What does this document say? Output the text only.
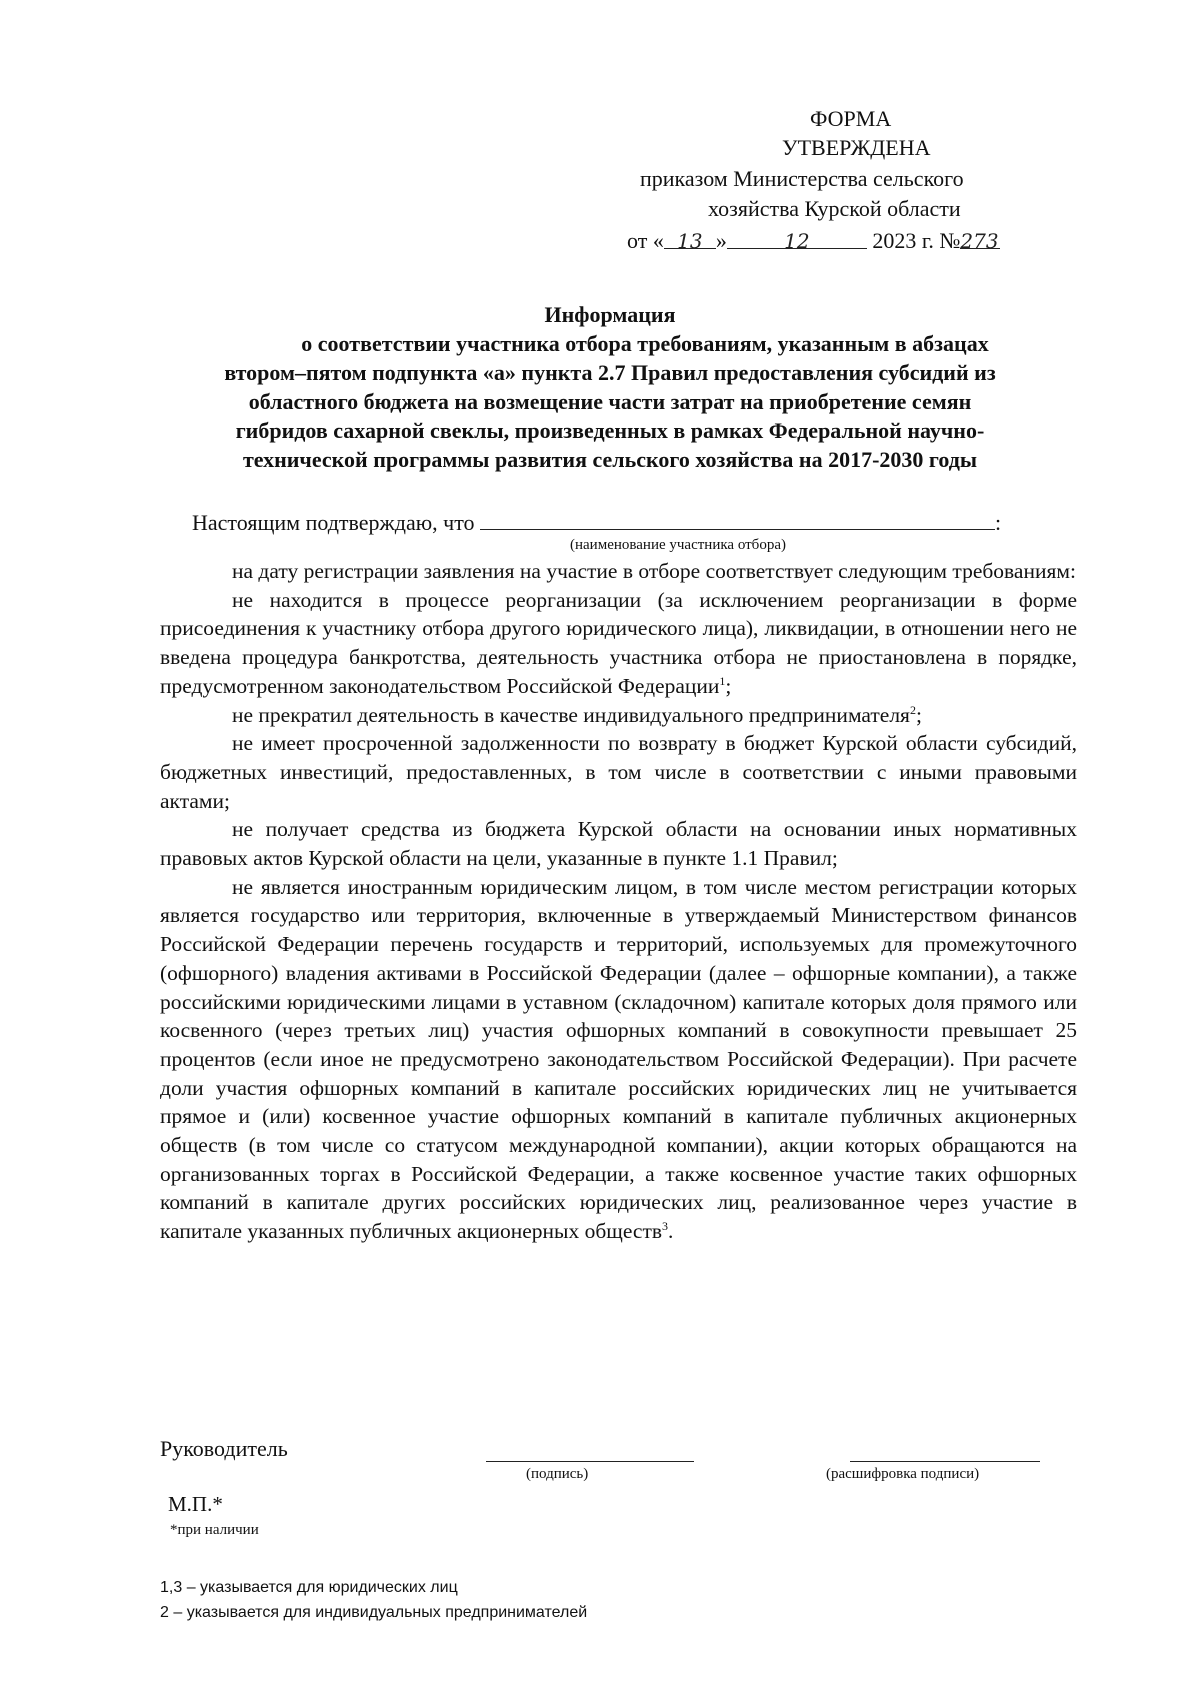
ФОРМА
УТВЕРЖДЕНА
приказом Министерства сельского
хозяйства Курской области
от « 13 »	12	2023 г. №273
Информация
о соответствии участника отбора требованиям, указанным в абзацах
втором–пятом подпункта «а» пункта 2.7 Правил предоставления субсидий из
областного бюджета на возмещение части затрат на приобретение семян
гибридов сахарной свеклы, произведенных в рамках Федеральной научно-
технической программы развития сельского хозяйства на 2017-2030 годы
Настоящим подтверждаю, что	:
(наименование участника отбора)

на дату регистрации заявления на участие в отборе соответствует следующим требованиям:

не находится в процессе реорганизации (за исключением реорганизации в форме присоединения к участнику отбора другого юридического лица), ликвидации, в отношении него не введена процедура банкротства, деятельность участника отбора не приостановлена в порядке, предусмотренном законодательством Российской Федерации$^1$;

не прекратил деятельность в качестве индивидуального предпринимателя$^2$;

не имеет просроченной задолженности по возврату в бюджет Курской области субсидий, бюджетных инвестиций, предоставленных, в том числе в соответствии с иными правовыми актами;

не получает средства из бюджета Курской области на основании иных нормативных правовых актов Курской области на цели, указанные в пункте 1.1 Правил;

не является иностранным юридическим лицом, в том числе местом регистрации которых является государство или территория, включенные в утверждаемый Министерством финансов Российской Федерации перечень государств и территорий, используемых для промежуточного (офшорного) владения активами в Российской Федерации (далее – офшорные компании), а также российскими юридическими лицами в уставном (складочном) капитале которых доля прямого или косвенного (через третьих лиц) участия офшорных компаний в совокупности превышает 25 процентов (если иное не предусмотрено законодательством Российской Федерации). При расчете доли участия офшорных компаний в капитале российских юридических лиц не учитывается прямое и (или) косвенное участие офшорных компаний в капитале публичных акционерных обществ (в том числе со статусом международной компании), акции которых обращаются на организованных торгах в Российской Федерации, а также косвенное участие таких офшорных компаний в капитале других российских юридических лиц, реализованное через участие в капитале указанных публичных акционерных обществ$^3$.

Руководитель
(подпись)	(расшифровка подписи)
М.П.*
*при наличии
1,3 – указывается для юридических лиц
2 – указывается для индивидуальных предпринимателей
